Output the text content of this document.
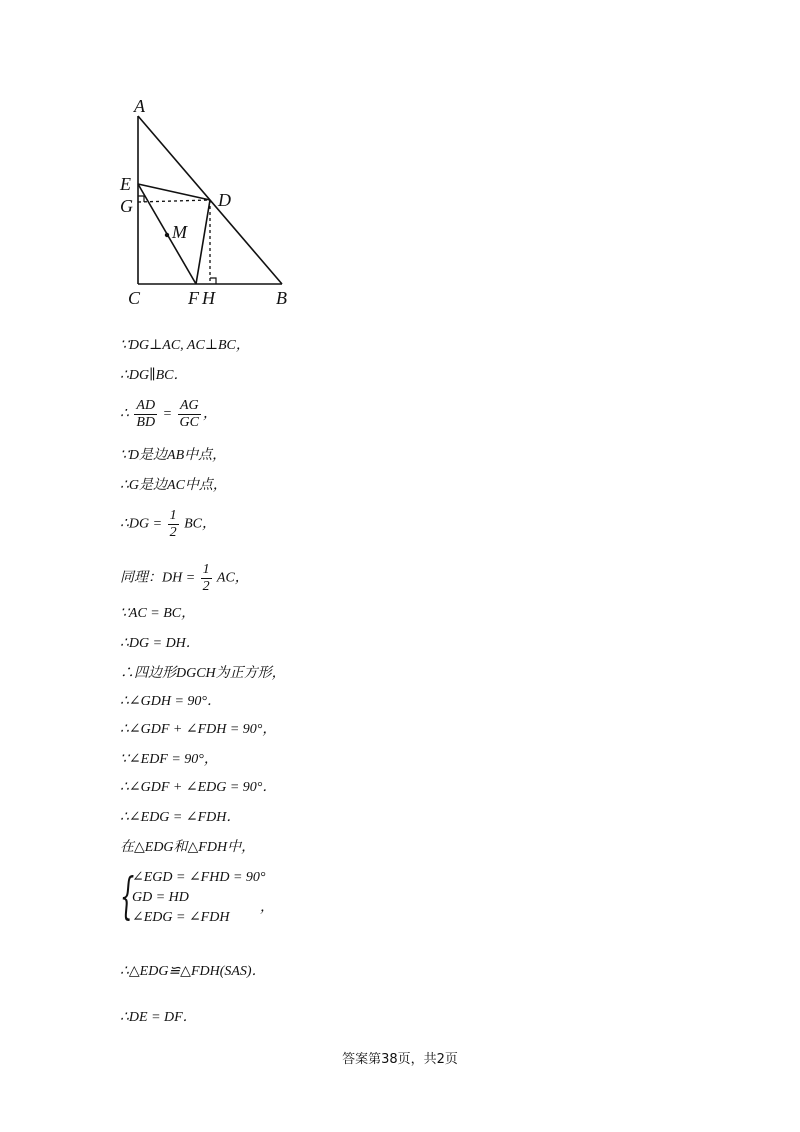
A
E
G	D
M
C	F H	B
∵DG⊥AC, AC⊥BC，
∴DG∥BC．
∴ $\frac{AD}{BD} = \frac{AG}{GC}$ ，
∵D是边AB中点，
∴G是边AC中点，
∴DG = $\frac{1}{2}$ BC，
同理：DH = $\frac{1}{2}$ AC，
∵AC = BC，
∴DG = DH．
∴四边形DGCH为正方形，
∴∠GDH = 90°．
∴∠GDF + ∠FDH = 90°，
∵∠EDF = 90°，
∴∠GDF + ∠EDG = 90°．
∴∠EDG = ∠FDH．
在△EDG和△FDH中，
{
∠EGD = ∠FHD = 90°
GD = HD
∠EDG = ∠FDH
，
∴△EDG≌△FDH(SAS)．
∴DE = DF．
答案第38页，共2页
